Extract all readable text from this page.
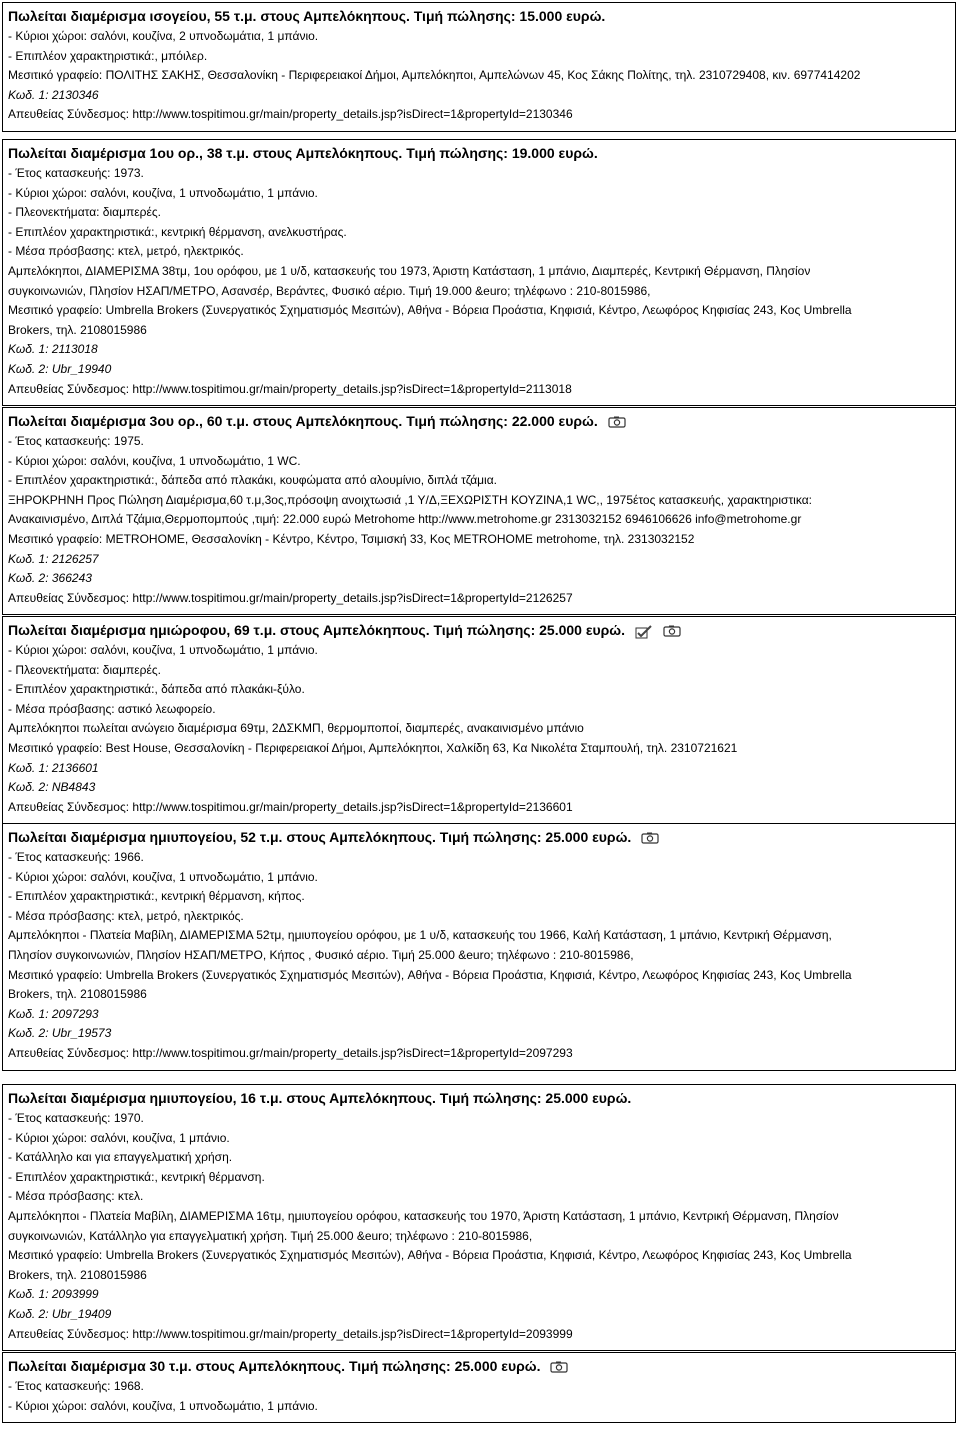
Πωλείται διαμέρισμα ισογείου, 55 τ.μ. στους Αμπελόκηπους. Τιμή πώλησης: 15.000 ευρώ.
- Κύριοι χώροι: σαλόνι, κουζίνα, 2 υπνοδωμάτια, 1 μπάνιο.
- Επιπλέον χαρακτηριστικά:, μπόιλερ.
Μεσιτικό γραφείο: ΠΟΛΙΤΗΣ ΣΑΚΗΣ, Θεσσαλονίκη - Περιφερειακοί Δήμοι, Αμπελόκηποι, Αμπελώνων 45, Κος Σάκης Πολίτης, τηλ. 2310729408, κιν. 6977414202
Κωδ. 1: 2130346
Απευθείας Σύνδεσμος: http://www.tospitimou.gr/main/property_details.jsp?isDirect=1&propertyId=2130346
Πωλείται διαμέρισμα 1ου ορ., 38 τ.μ. στους Αμπελόκηπους. Τιμή πώλησης: 19.000 ευρώ.
- Έτος κατασκευής: 1973.
- Κύριοι χώροι: σαλόνι, κουζίνα, 1 υπνοδωμάτιο, 1 μπάνιο.
- Πλεονεκτήματα: διαμπερές.
- Επιπλέον χαρακτηριστικά:, κεντρική θέρμανση, ανελκυστήρας.
- Μέσα πρόσβασης: κτελ, μετρό, ηλεκτρικός.
Αμπελόκηποι, ΔΙΑΜΕΡΙΣΜΑ 38τμ, 1ου ορόφου, με 1 υ/δ, κατασκευής του 1973, Άριστη Κατάσταση, 1 μπάνιο, Διαμπερές, Κεντρική Θέρμανση, Πλησίον
συγκοινωνιών, Πλησίον ΗΣΑΠ/ΜΕΤΡΟ, Ασανσέρ, Βεράντες, Φυσικό αέριο. Τιμή 19.000 &euro; τηλέφωνο : 210-8015986,
Μεσιτικό γραφείο: Umbrella Brokers (Συνεργατικός Σχηματισμός Μεσιτών), Αθήνα - Βόρεια Προάστια, Κηφισιά, Κέντρο, Λεωφόρος Κηφισίας 243, Κος Umbrella
Brokers, τηλ. 2108015986
Κωδ. 1: 2113018
Κωδ. 2: Ubr_19940
Απευθείας Σύνδεσμος: http://www.tospitimou.gr/main/property_details.jsp?isDirect=1&propertyId=2113018
Πωλείται διαμέρισμα 3ου ορ., 60 τ.μ. στους Αμπελόκηπους. Τιμή πώλησης: 22.000 ευρώ.
- Έτος κατασκευής: 1975.
- Κύριοι χώροι: σαλόνι, κουζίνα, 1 υπνοδωμάτιο, 1 WC.
- Επιπλέον χαρακτηριστικά:, δάπεδα από πλακάκι, κουφώματα από αλουμίνιο, διπλά τζάμια.
ΞΗΡΟΚΡΗΝΗ Προς Πώληση Διαμέρισμα,60 τ.μ,3ος,πρόσοψη ανοιχτωσιά ,1 Υ/Δ,ΞΕΧΩΡΙΣΤΗ ΚΟΥΖΙΝΑ,1 WC,, 1975έτος κατασκευής, χαρακτηριστικα:
Ανακαινισμένο, Διπλά Τζάμια,Θερμοπομπούς ,τιμή: 22.000 ευρώ Metrohome http://www.metrohome.gr 2313032152 6946106626 info@metrohome.gr
Μεσιτικό γραφείο: METROHOME, Θεσσαλονίκη - Κέντρο, Κέντρο, Τσιμισκή 33, Κος METROHOME metrohome, τηλ. 2313032152
Κωδ. 1: 2126257
Κωδ. 2: 366243
Απευθείας Σύνδεσμος: http://www.tospitimou.gr/main/property_details.jsp?isDirect=1&propertyId=2126257
Πωλείται διαμέρισμα ημιώροφου, 69 τ.μ. στους Αμπελόκηπους. Τιμή πώλησης: 25.000 ευρώ.
- Κύριοι χώροι: σαλόνι, κουζίνα, 1 υπνοδωμάτιο, 1 μπάνιο.
- Πλεονεκτήματα: διαμπερές.
- Επιπλέον χαρακτηριστικά:, δάπεδα από πλακάκι-ξύλο.
- Μέσα πρόσβασης: αστικό λεωφορείο.
Αμπελόκηποι πωλείται ανώγειο διαμέρισμα 69τμ, 2ΔΣΚΜΠ, θερμομποποί, διαμπερές, ανακαινισμένο μπάνιο
Μεσιτικό γραφείο: Best House, Θεσσαλονίκη - Περιφερειακοί Δήμοι, Αμπελόκηποι, Χαλκίδη 63, Κα Νικολέτα Σταμπουλή, τηλ. 2310721621
Κωδ. 1: 2136601
Κωδ. 2: NB4843
Απευθείας Σύνδεσμος: http://www.tospitimou.gr/main/property_details.jsp?isDirect=1&propertyId=2136601
Πωλείται διαμέρισμα ημιυπογείου, 52 τ.μ. στους Αμπελόκηπους. Τιμή πώλησης: 25.000 ευρώ.
- Έτος κατασκευής: 1966.
- Κύριοι χώροι: σαλόνι, κουζίνα, 1 υπνοδωμάτιο, 1 μπάνιο.
- Επιπλέον χαρακτηριστικά:, κεντρική θέρμανση, κήπος.
- Μέσα πρόσβασης: κτελ, μετρό, ηλεκτρικός.
Αμπελόκηποι - Πλατεία Μαβίλη, ΔΙΑΜΕΡΙΣΜΑ 52τμ, ημιυπογείου ορόφου, με 1 υ/δ, κατασκευής του 1966, Καλή Κατάσταση, 1 μπάνιο, Κεντρική Θέρμανση,
Πλησίον συγκοινωνιών, Πλησίον ΗΣΑΠ/ΜΕΤΡΟ, Κήπος , Φυσικό αέριο. Τιμή 25.000 &euro; τηλέφωνο : 210-8015986,
Μεσιτικό γραφείο: Umbrella Brokers (Συνεργατικός Σχηματισμός Μεσιτών), Αθήνα - Βόρεια Προάστια, Κηφισιά, Κέντρο, Λεωφόρος Κηφισίας 243, Κος Umbrella
Brokers, τηλ. 2108015986
Κωδ. 1: 2097293
Κωδ. 2: Ubr_19573
Απευθείας Σύνδεσμος: http://www.tospitimou.gr/main/property_details.jsp?isDirect=1&propertyId=2097293
Πωλείται διαμέρισμα ημιυπογείου, 16 τ.μ. στους Αμπελόκηπους. Τιμή πώλησης: 25.000 ευρώ.
- Έτος κατασκευής: 1970.
- Κύριοι χώροι: σαλόνι, κουζίνα, 1 μπάνιο.
- Κατάλληλο και για επαγγελματική χρήση.
- Επιπλέον χαρακτηριστικά:, κεντρική θέρμανση.
- Μέσα πρόσβασης: κτελ.
Αμπελόκηποι - Πλατεία Μαβίλη, ΔΙΑΜΕΡΙΣΜΑ 16τμ, ημιυπογείου ορόφου, κατασκευής του 1970, Άριστη Κατάσταση, 1 μπάνιο, Κεντρική Θέρμανση, Πλησίον
συγκοινωνιών, Κατάλληλο για επαγγελματική χρήση. Τιμή 25.000 &euro; τηλέφωνο : 210-8015986,
Μεσιτικό γραφείο: Umbrella Brokers (Συνεργατικός Σχηματισμός Μεσιτών), Αθήνα - Βόρεια Προάστια, Κηφισιά, Κέντρο, Λεωφόρος Κηφισίας 243, Κος Umbrella
Brokers, τηλ. 2108015986
Κωδ. 1: 2093999
Κωδ. 2: Ubr_19409
Απευθείας Σύνδεσμος: http://www.tospitimou.gr/main/property_details.jsp?isDirect=1&propertyId=2093999
Πωλείται διαμέρισμα 30 τ.μ. στους Αμπελόκηπους. Τιμή πώλησης: 25.000 ευρώ.
- Έτος κατασκευής: 1968.
- Κύριοι χώροι: σαλόνι, κουζίνα, 1 υπνοδωμάτιο, 1 μπάνιο.
